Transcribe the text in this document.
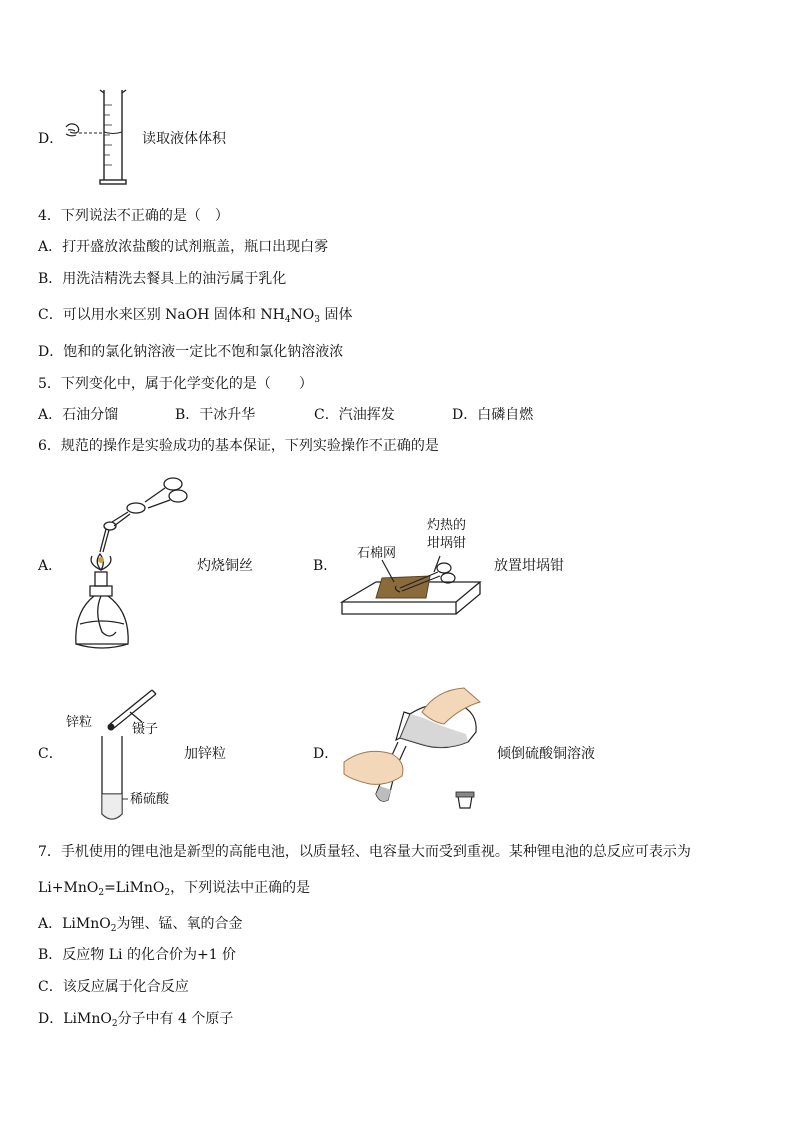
D．	读取液体体积
4．下列说法不正确的是（　）
A．打开盛放浓盐酸的试剂瓶盖，瓶口出现白雾
B．用洗洁精洗去餐具上的油污属于乳化
C．可以用水来区别 NaOH 固体和 $NH_4NO_3$ 固体
D．饱和的氯化钠溶液一定比不饱和氯化钠溶液浓
5．下列变化中，属于化学变化的是（　　）
A．石油分馏	B．干冰升华	C．汽油挥发	D．白磷自燃
6．规范的操作是实验成功的基本保证，下列实验操作不正确的是
A．	灼烧铜丝	B．
石棉网
灼热的
坩埚钳
放置坩埚钳
C．
锌粒	镊子
稀硫酸
加锌粒	D．	倾倒硫酸铜溶液
7．手机使用的锂电池是新型的高能电池，以质量轻、电容量大而受到重视。某种锂电池的总反应可表示为
Li+MnO$_2$=LiMnO$_2$，下列说法中正确的是
A．LiMnO$_2$为锂、锰、氧的合金
B．反应物 Li 的化合价为+1 价
C．该反应属于化合反应
D．LiMnO$_2$分子中有 4 个原子
